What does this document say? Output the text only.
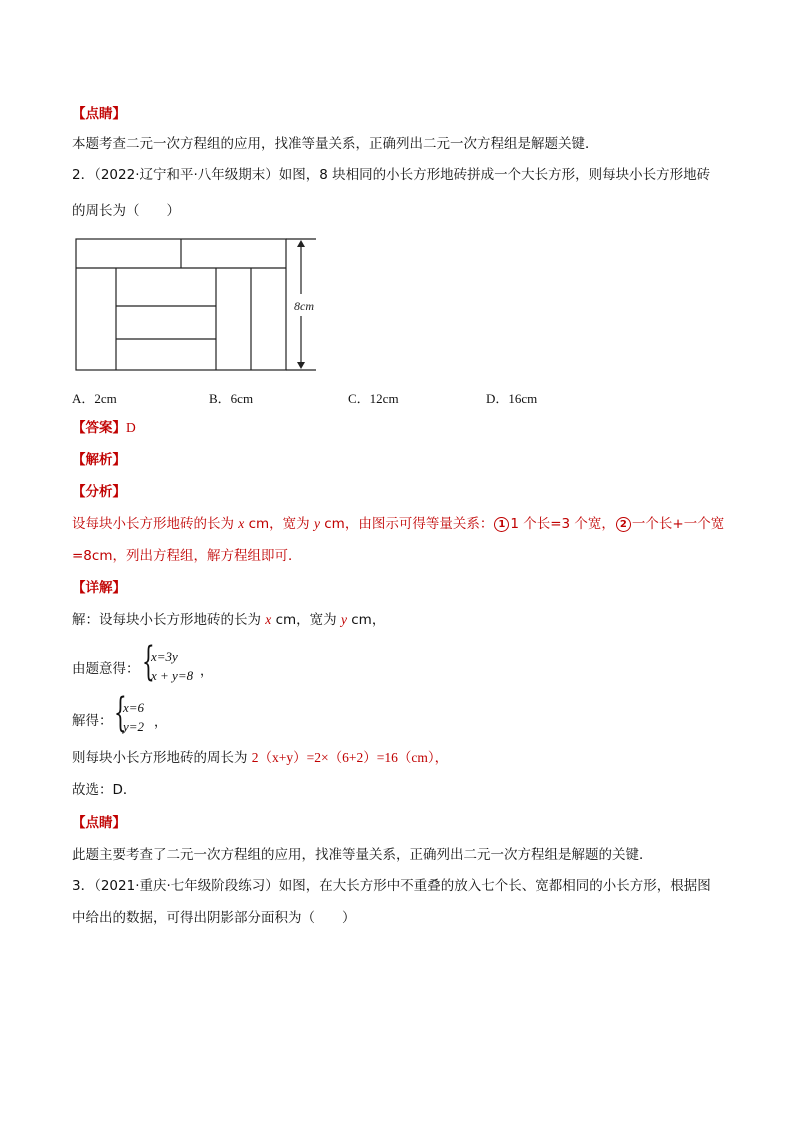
【点睛】
本题考查二元一次方程组的应用，找准等量关系，正确列出二元一次方程组是解题关键．
2．（2022·辽宁和平·八年级期末）如图，8 块相同的小长方形地砖拼成一个大长方形，则每块小长方形地砖
的周长为（　　）
8cm
A．2cm	B．6cm	C．12cm	D．16cm
【答案】D
【解析】
【分析】
设每块小长方形地砖的长为 x cm，宽为 y cm，由图示可得等量关系： 1 1 个长=3 个宽， 2 一个长+一个宽
=8cm，列出方程组，解方程组即可．
【详解】
解：设每块小长方形地砖的长为 x cm，宽为 y cm，
由题意得： {
x=3y
x + y=8 ，
解得： {
x=6
y=2 ，
则每块小长方形地砖的周长为 2（x+y）=2×（6+2）=16（cm），
故选：D．
【点睛】
此题主要考查了二元一次方程组的应用，找准等量关系，正确列出二元一次方程组是解题的关键．
3．（2021·重庆·七年级阶段练习）如图，在大长方形中不重叠的放入七个长、宽都相同的小长方形，根据图
中给出的数据，可得出阴影部分面积为（　　）
